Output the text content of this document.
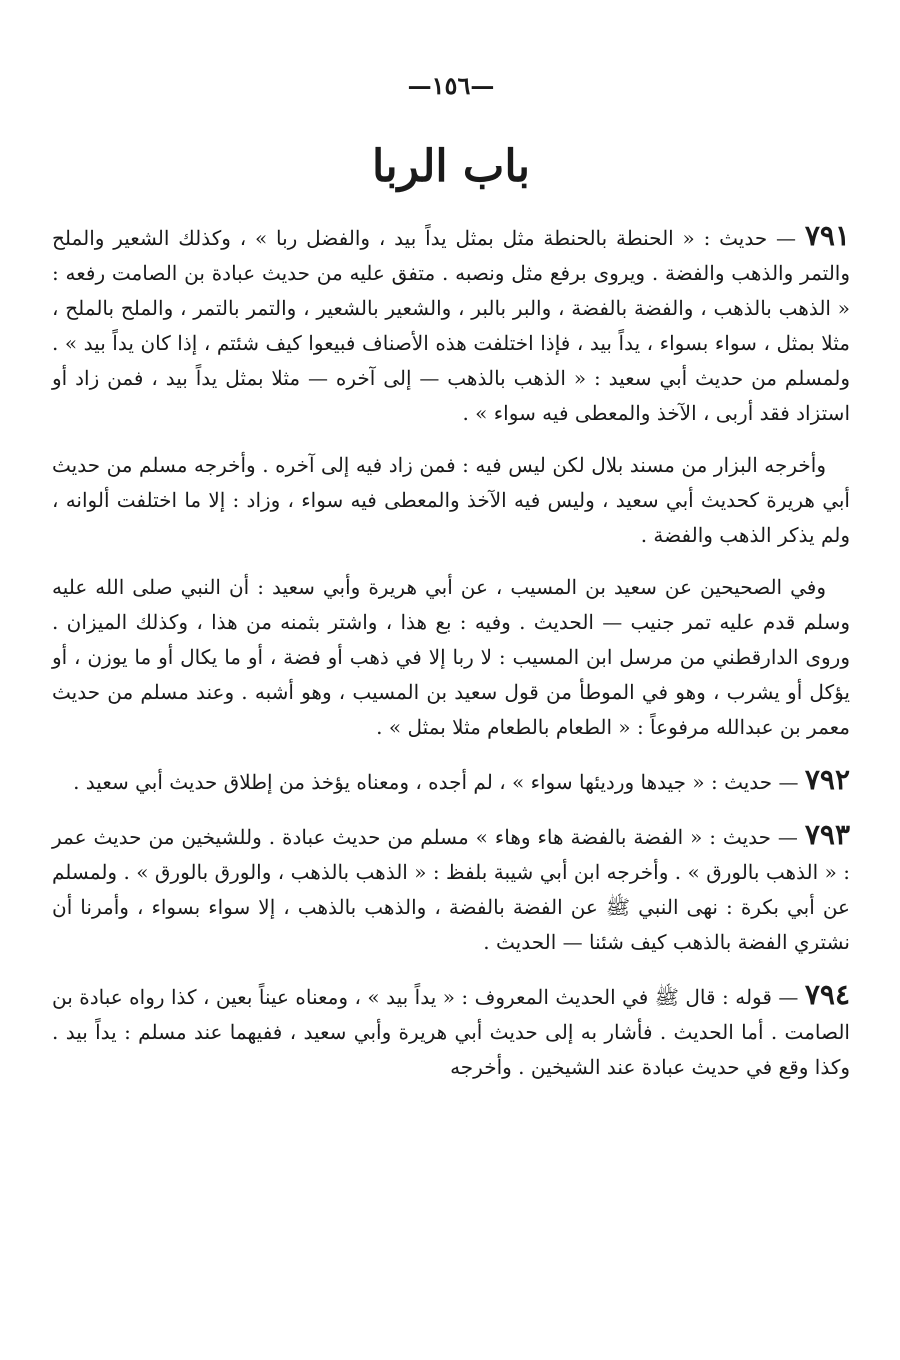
—١٥٦—
باب الربا

٧٩١ — حديث : « الحنطة بالحنطة مثل بمثل يداً بيد ، والفضل ربا » ، وكذلك الشعير والملح والتمر والذهب والفضة . ويروى برفع مثل ونصبه . متفق عليه من حديث عبادة بن الصامت رفعه : « الذهب بالذهب ، والفضة بالفضة ، والبر بالبر ، والشعير بالشعير ، والتمر بالتمر ، والملح بالملح ، مثلا بمثل ، سواء بسواء ، يداً بيد ، فإذا اختلفت هذه الأصناف فبيعوا كيف شئتم ، إذا كان يداً بيد » . ولمسلم من حديث أبي سعيد : « الذهب بالذهب — إلى آخره — مثلا بمثل يداً بيد ، فمن زاد أو استزاد فقد أربى ، الآخذ والمعطى فيه سواء » .

وأخرجه البزار من مسند بلال لكن ليس فيه : فمن زاد فيه إلى آخره . وأخرجه مسلم من حديث أبي هريرة كحديث أبي سعيد ، وليس فيه الآخذ والمعطى فيه سواء ، وزاد : إلا ما اختلفت ألوانه ، ولم يذكر الذهب والفضة .

وفي الصحيحين عن سعيد بن المسيب ، عن أبي هريرة وأبي سعيد : أن النبي صلى الله عليه وسلم قدم عليه تمر جنيب — الحديث . وفيه : بع هذا ، واشتر بثمنه من هذا ، وكذلك الميزان . وروى الدارقطني من مرسل ابن المسيب : لا ربا إلا في ذهب أو فضة ، أو ما يكال أو ما يوزن ، أو يؤكل أو يشرب ، وهو في الموطأ من قول سعيد بن المسيب ، وهو أشبه . وعند مسلم من حديث معمر بن عبدالله مرفوعاً : « الطعام بالطعام مثلا بمثل » .

٧٩٢ — حديث : « جيدها ورديئها سواء » ، لم أجده ، ومعناه يؤخذ من إطلاق حديث أبي سعيد .

٧٩٣ — حديث : « الفضة بالفضة هاء وهاء » مسلم من حديث عبادة . وللشيخين من حديث عمر : « الذهب بالورق » . وأخرجه ابن أبي شيبة بلفظ : « الذهب بالذهب ، والورق بالورق » . ولمسلم عن أبي بكرة : نهى النبي ﷺ عن الفضة بالفضة ، والذهب بالذهب ، إلا سواء بسواء ، وأمرنا أن نشتري الفضة بالذهب كيف شئنا — الحديث .

٧٩٤ — قوله : قال ﷺ في الحديث المعروف : « يداً بيد » ، ومعناه عيناً بعين ، كذا رواه عبادة بن الصامت . أما الحديث . فأشار به إلى حديث أبي هريرة وأبي سعيد ، ففيهما عند مسلم : يداً بيد . وكذا وقع في حديث عبادة عند الشيخين . وأخرجه
